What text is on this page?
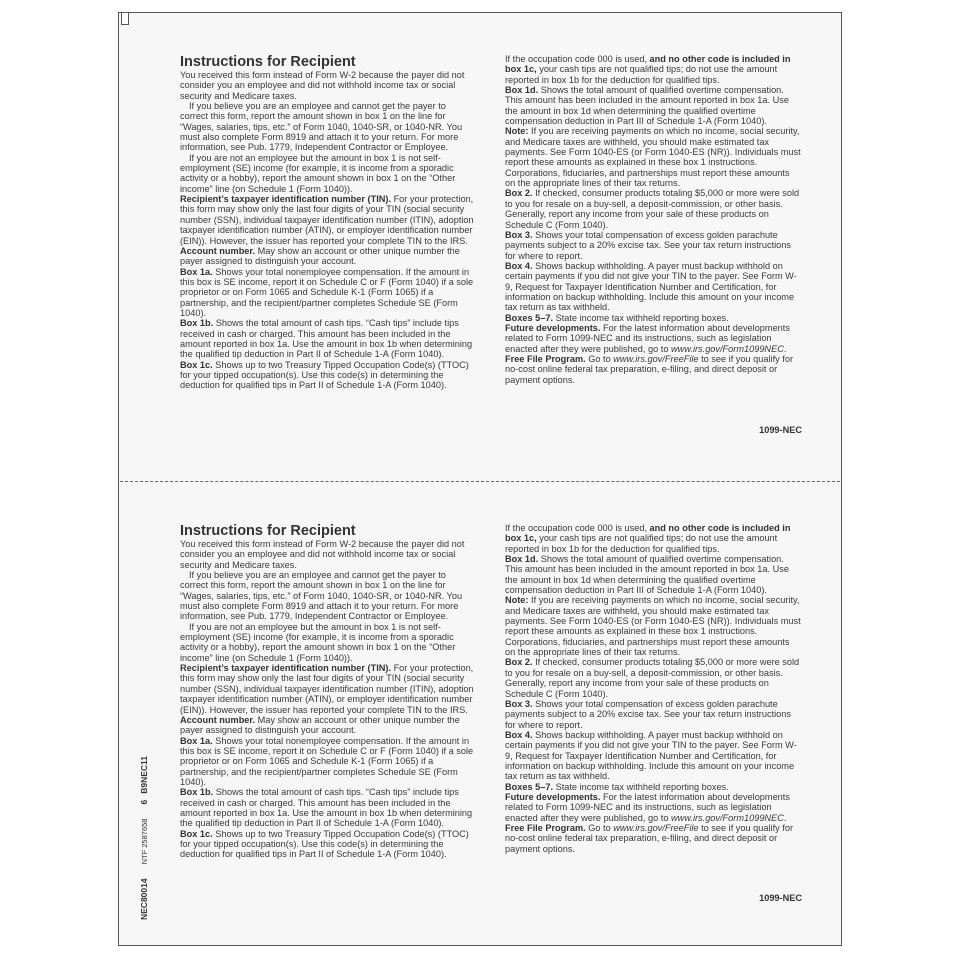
Instructions for Recipient

You received this form instead of Form W-2 because the payer did not consider you an employee and did not withhold income tax or social security and Medicare taxes.

If you believe you are an employee and cannot get the payer to correct this form, report the amount shown in box 1 on the line for “Wages, salaries, tips, etc.” of Form 1040, 1040-SR, or 1040-NR. You must also complete Form 8919 and attach it to your return. For more information, see Pub. 1779, Independent Contractor or Employee.

If you are not an employee but the amount in box 1 is not self-employment (SE) income (for example, it is income from a sporadic activity or a hobby), report the amount shown in box 1 on the “Other income” line (on Schedule 1 (Form 1040)).

Recipient’s taxpayer identification number (TIN). For your protection, this form may show only the last four digits of your TIN (social security number (SSN), individual taxpayer identification number (ITIN), adoption taxpayer identification number (ATIN), or employer identification number (EIN)). However, the issuer has reported your complete TIN to the IRS.

Account number. May show an account or other unique number the payer assigned to distinguish your account.

Box 1a. Shows your total nonemployee compensation. If the amount in this box is SE income, report it on Schedule C or F (Form 1040) if a sole proprietor or on Form 1065 and Schedule K-1 (Form 1065) if a partnership, and the recipient/partner completes Schedule SE (Form 1040).

Box 1b. Shows the total amount of cash tips. “Cash tips” include tips received in cash or charged. This amount has been included in the amount reported in box 1a. Use the amount in box 1b when determining the qualified tip deduction in Part II of Schedule 1-A (Form 1040).

Box 1c. Shows up to two Treasury Tipped Occupation Code(s) (TTOC) for your tipped occupation(s). Use this code(s) in determining the deduction for qualified tips in Part II of Schedule 1-A (Form 1040).

If the occupation code 000 is used, and no other code is included in box 1c, your cash tips are not qualified tips; do not use the amount reported in box 1b for the deduction for qualified tips.

Box 1d. Shows the total amount of qualified overtime compensation. This amount has been included in the amount reported in box 1a. Use the amount in box 1d when determining the qualified overtime compensation deduction in Part III of Schedule 1-A (Form 1040).

Note: If you are receiving payments on which no income, social security, and Medicare taxes are withheld, you should make estimated tax payments. See Form 1040-ES (or Form 1040-ES (NR)). Individuals must report these amounts as explained in these box 1 instructions. Corporations, fiduciaries, and partnerships must report these amounts on the appropriate lines of their tax returns.

Box 2. If checked, consumer products totaling $5,000 or more were sold to you for resale on a buy-sell, a deposit-commission, or other basis. Generally, report any income from your sale of these products on Schedule C (Form 1040).

Box 3. Shows your total compensation of excess golden parachute payments subject to a 20% excise tax. See your tax return instructions for where to report.

Box 4. Shows backup withholding. A payer must backup withhold on certain payments if you did not give your TIN to the payer. See Form W-9, Request for Taxpayer Identification Number and Certification, for information on backup withholding. Include this amount on your income tax return as tax withheld.

Boxes 5–7. State income tax withheld reporting boxes.

Future developments. For the latest information about developments related to Form 1099-NEC and its instructions, such as legislation enacted after they were published, go to www.irs.gov/Form1099NEC.

Free File Program. Go to www.irs.gov/FreeFile to see if you qualify for no-cost online federal tax preparation, e-filing, and direct deposit or payment options.

1099-NEC
Instructions for Recipient

You received this form instead of Form W-2 because the payer did not consider you an employee and did not withhold income tax or social security and Medicare taxes.

If you believe you are an employee and cannot get the payer to correct this form, report the amount shown in box 1 on the line for “Wages, salaries, tips, etc.” of Form 1040, 1040-SR, or 1040-NR. You must also complete Form 8919 and attach it to your return. For more information, see Pub. 1779, Independent Contractor or Employee.

If you are not an employee but the amount in box 1 is not self-employment (SE) income (for example, it is income from a sporadic activity or a hobby), report the amount shown in box 1 on the “Other income” line (on Schedule 1 (Form 1040)).

Recipient’s taxpayer identification number (TIN). For your protection, this form may show only the last four digits of your TIN (social security number (SSN), individual taxpayer identification number (ITIN), adoption taxpayer identification number (ATIN), or employer identification number (EIN)). However, the issuer has reported your complete TIN to the IRS.

Account number. May show an account or other unique number the payer assigned to distinguish your account.

Box 1a. Shows your total nonemployee compensation. If the amount in this box is SE income, report it on Schedule C or F (Form 1040) if a sole proprietor or on Form 1065 and Schedule K-1 (Form 1065) if a partnership, and the recipient/partner completes Schedule SE (Form 1040).

Box 1b. Shows the total amount of cash tips. “Cash tips” include tips received in cash or charged. This amount has been included in the amount reported in box 1a. Use the amount in box 1b when determining the qualified tip deduction in Part II of Schedule 1-A (Form 1040).

Box 1c. Shows up to two Treasury Tipped Occupation Code(s) (TTOC) for your tipped occupation(s). Use this code(s) in determining the deduction for qualified tips in Part II of Schedule 1-A (Form 1040).

If the occupation code 000 is used, and no other code is included in box 1c, your cash tips are not qualified tips; do not use the amount reported in box 1b for the deduction for qualified tips.

Box 1d. Shows the total amount of qualified overtime compensation. This amount has been included in the amount reported in box 1a. Use the amount in box 1d when determining the qualified overtime compensation deduction in Part III of Schedule 1-A (Form 1040).

Note: If you are receiving payments on which no income, social security, and Medicare taxes are withheld, you should make estimated tax payments. See Form 1040-ES (or Form 1040-ES (NR)). Individuals must report these amounts as explained in these box 1 instructions. Corporations, fiduciaries, and partnerships must report these amounts on the appropriate lines of their tax returns.

Box 2. If checked, consumer products totaling $5,000 or more were sold to you for resale on a buy-sell, a deposit-commission, or other basis. Generally, report any income from your sale of these products on Schedule C (Form 1040).

Box 3. Shows your total compensation of excess golden parachute payments subject to a 20% excise tax. See your tax return instructions for where to report.

Box 4. Shows backup withholding. A payer must backup withhold on certain payments if you did not give your TIN to the payer. See Form W-9, Request for Taxpayer Identification Number and Certification, for information on backup withholding. Include this amount on your income tax return as tax withheld.

Boxes 5–7. State income tax withheld reporting boxes.

Future developments. For the latest information about developments related to Form 1099-NEC and its instructions, such as legislation enacted after they were published, go to www.irs.gov/Form1099NEC.

Free File Program. Go to www.irs.gov/FreeFile to see if you qualify for no-cost online federal tax preparation, e-filing, and direct deposit or payment options.

1099-NEC
NEC80014NTF 25876586B9NEC11
